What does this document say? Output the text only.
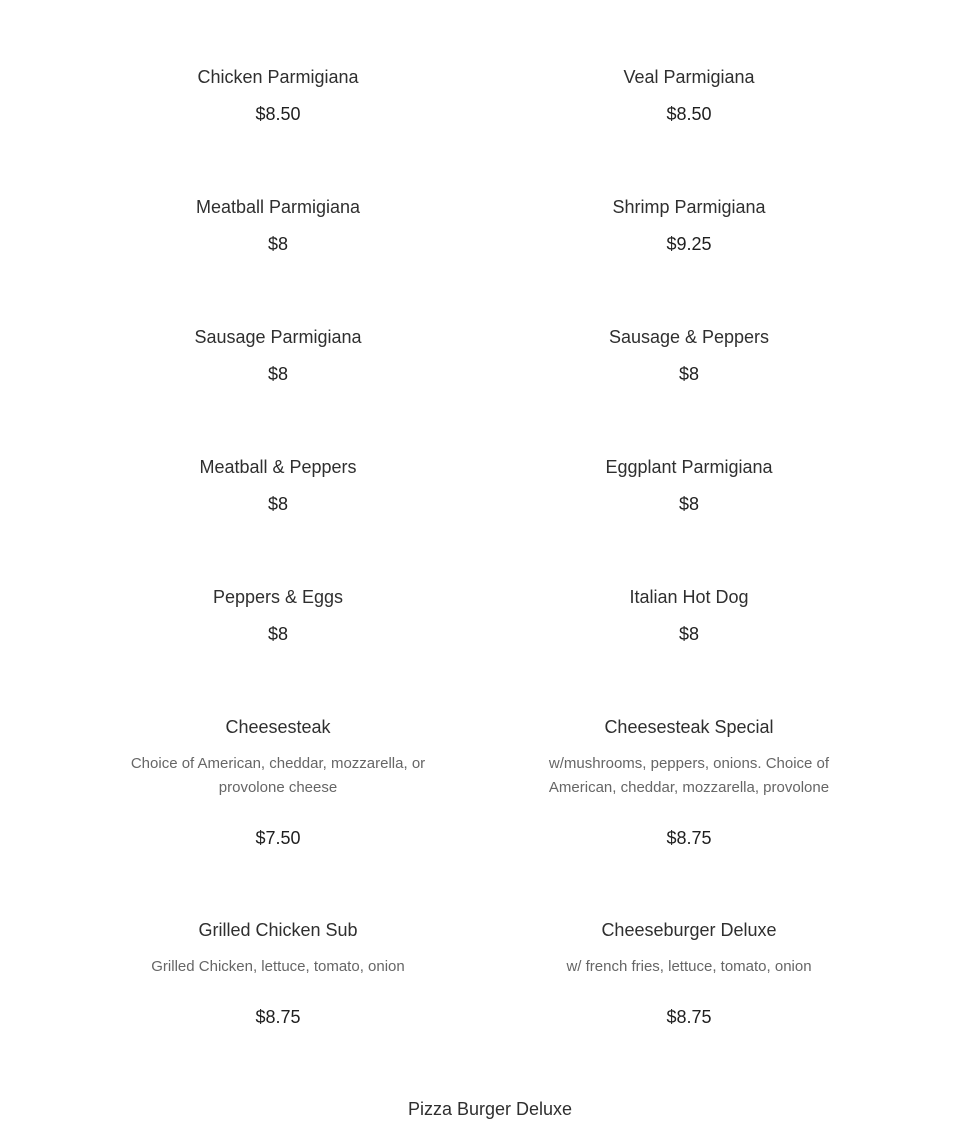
Chicken Parmigiana
$8.50
Veal Parmigiana
$8.50
Meatball Parmigiana
$8
Shrimp Parmigiana
$9.25
Sausage Parmigiana
$8
Sausage & Peppers
$8
Meatball & Peppers
$8
Eggplant Parmigiana
$8
Peppers & Eggs
$8
Italian Hot Dog
$8
Cheesesteak
Choice of American, cheddar, mozzarella, or provolone cheese
$7.50
Cheesesteak Special
w/mushrooms, peppers, onions. Choice of American, cheddar, mozzarella, provolone
$8.75
Grilled Chicken Sub
Grilled Chicken, lettuce, tomato, onion
$8.75
Cheeseburger Deluxe
w/ french fries, lettuce, tomato, onion
$8.75
Pizza Burger Deluxe
